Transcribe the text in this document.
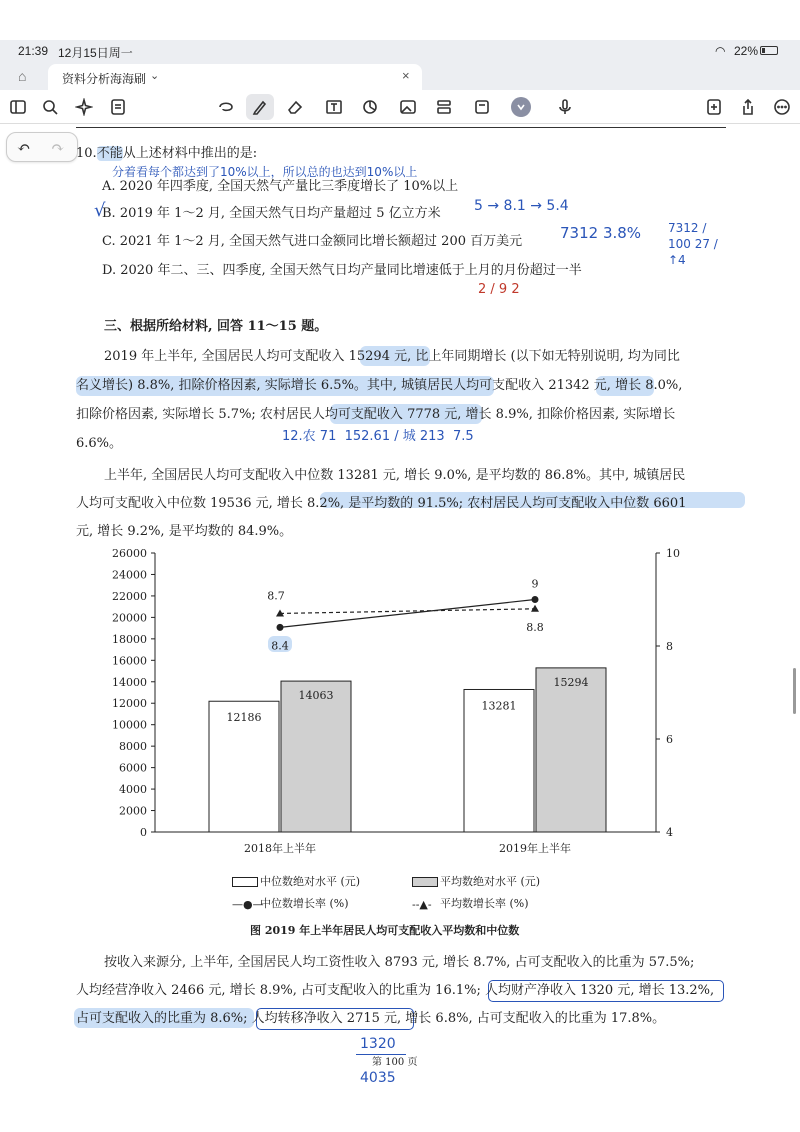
21:39 12月15日周一	◠ 22%
⌂	资料分析海海刷 ⌄	×
↶ ↷ 10.不能从上述材料中推出的是:
分着看每个都达到了10%以上，所以总的也达到10%以上
A. 2020 年四季度, 全国天然气产量比三季度增长了 10%以上
B. 2019 年 1～2 月, 全国天然气日均产量超过 5 亿立方米
√	5 → 8.1 → 5.4
C. 2021 年 1～2 月, 全国天然气进口金额同比增长额超过 200 百万美元	7312 3.8% 7312 / 100 27 / ↑4
D. 2020 年二、三、四季度, 全国天然气日均产量同比增速低于上月的月份超过一半
2 / 9 2
三、根据所给材料, 回答 11～15 题。
2019 年上半年, 全国居民人均可支配收入 15294 元, 比上年同期增长 (以下如无特别说明, 均为同比
名义增长) 8.8%, 扣除价格因素, 实际增长 6.5%。其中, 城镇居民人均可支配收入 21342 元, 增长 8.0%,
扣除价格因素, 实际增长 5.7%; 农村居民人均可支配收入 7778 元, 增长 8.9%, 扣除价格因素, 实际增长
6.6%。	12.农 71  152.61 / 城 213  7.5
上半年, 全国居民人均可支配收入中位数 13281 元, 增长 9.0%, 是平均数的 86.8%。其中, 城镇居民
人均可支配收入中位数 19536 元, 增长 8.2%, 是平均数的 91.5%; 农村居民人均可支配收入中位数 6601
元, 增长 9.2%, 是平均数的 84.9%。
0
2000
4000
6000
8000
10000
12000
14000
16000
18000
20000
22000
24000
26000
4
6
8
10
12186
14063
2018年上半年
13281
15294
2019年上半年
8.4
9
8.7
8.8
中位数绝对水平 (元)	平均数绝对水平 (元)
—●—中位数增长率 (%)	--▲- 平均数增长率 (%)
图 2019 年上半年居民人均可支配收入平均数和中位数
按收入来源分, 上半年, 全国居民人均工资性收入 8793 元, 增长 8.7%, 占可支配收入的比重为 57.5%;
人均经营净收入 2466 元, 增长 8.9%, 占可支配收入的比重为 16.1%; 人均财产净收入 1320 元, 增长 13.2%,
占可支配收入的比重为 8.6%; 人均转移净收入 2715 元, 增长 6.8%, 占可支配收入的比重为 17.8%。
1320
第 100 页
4035
